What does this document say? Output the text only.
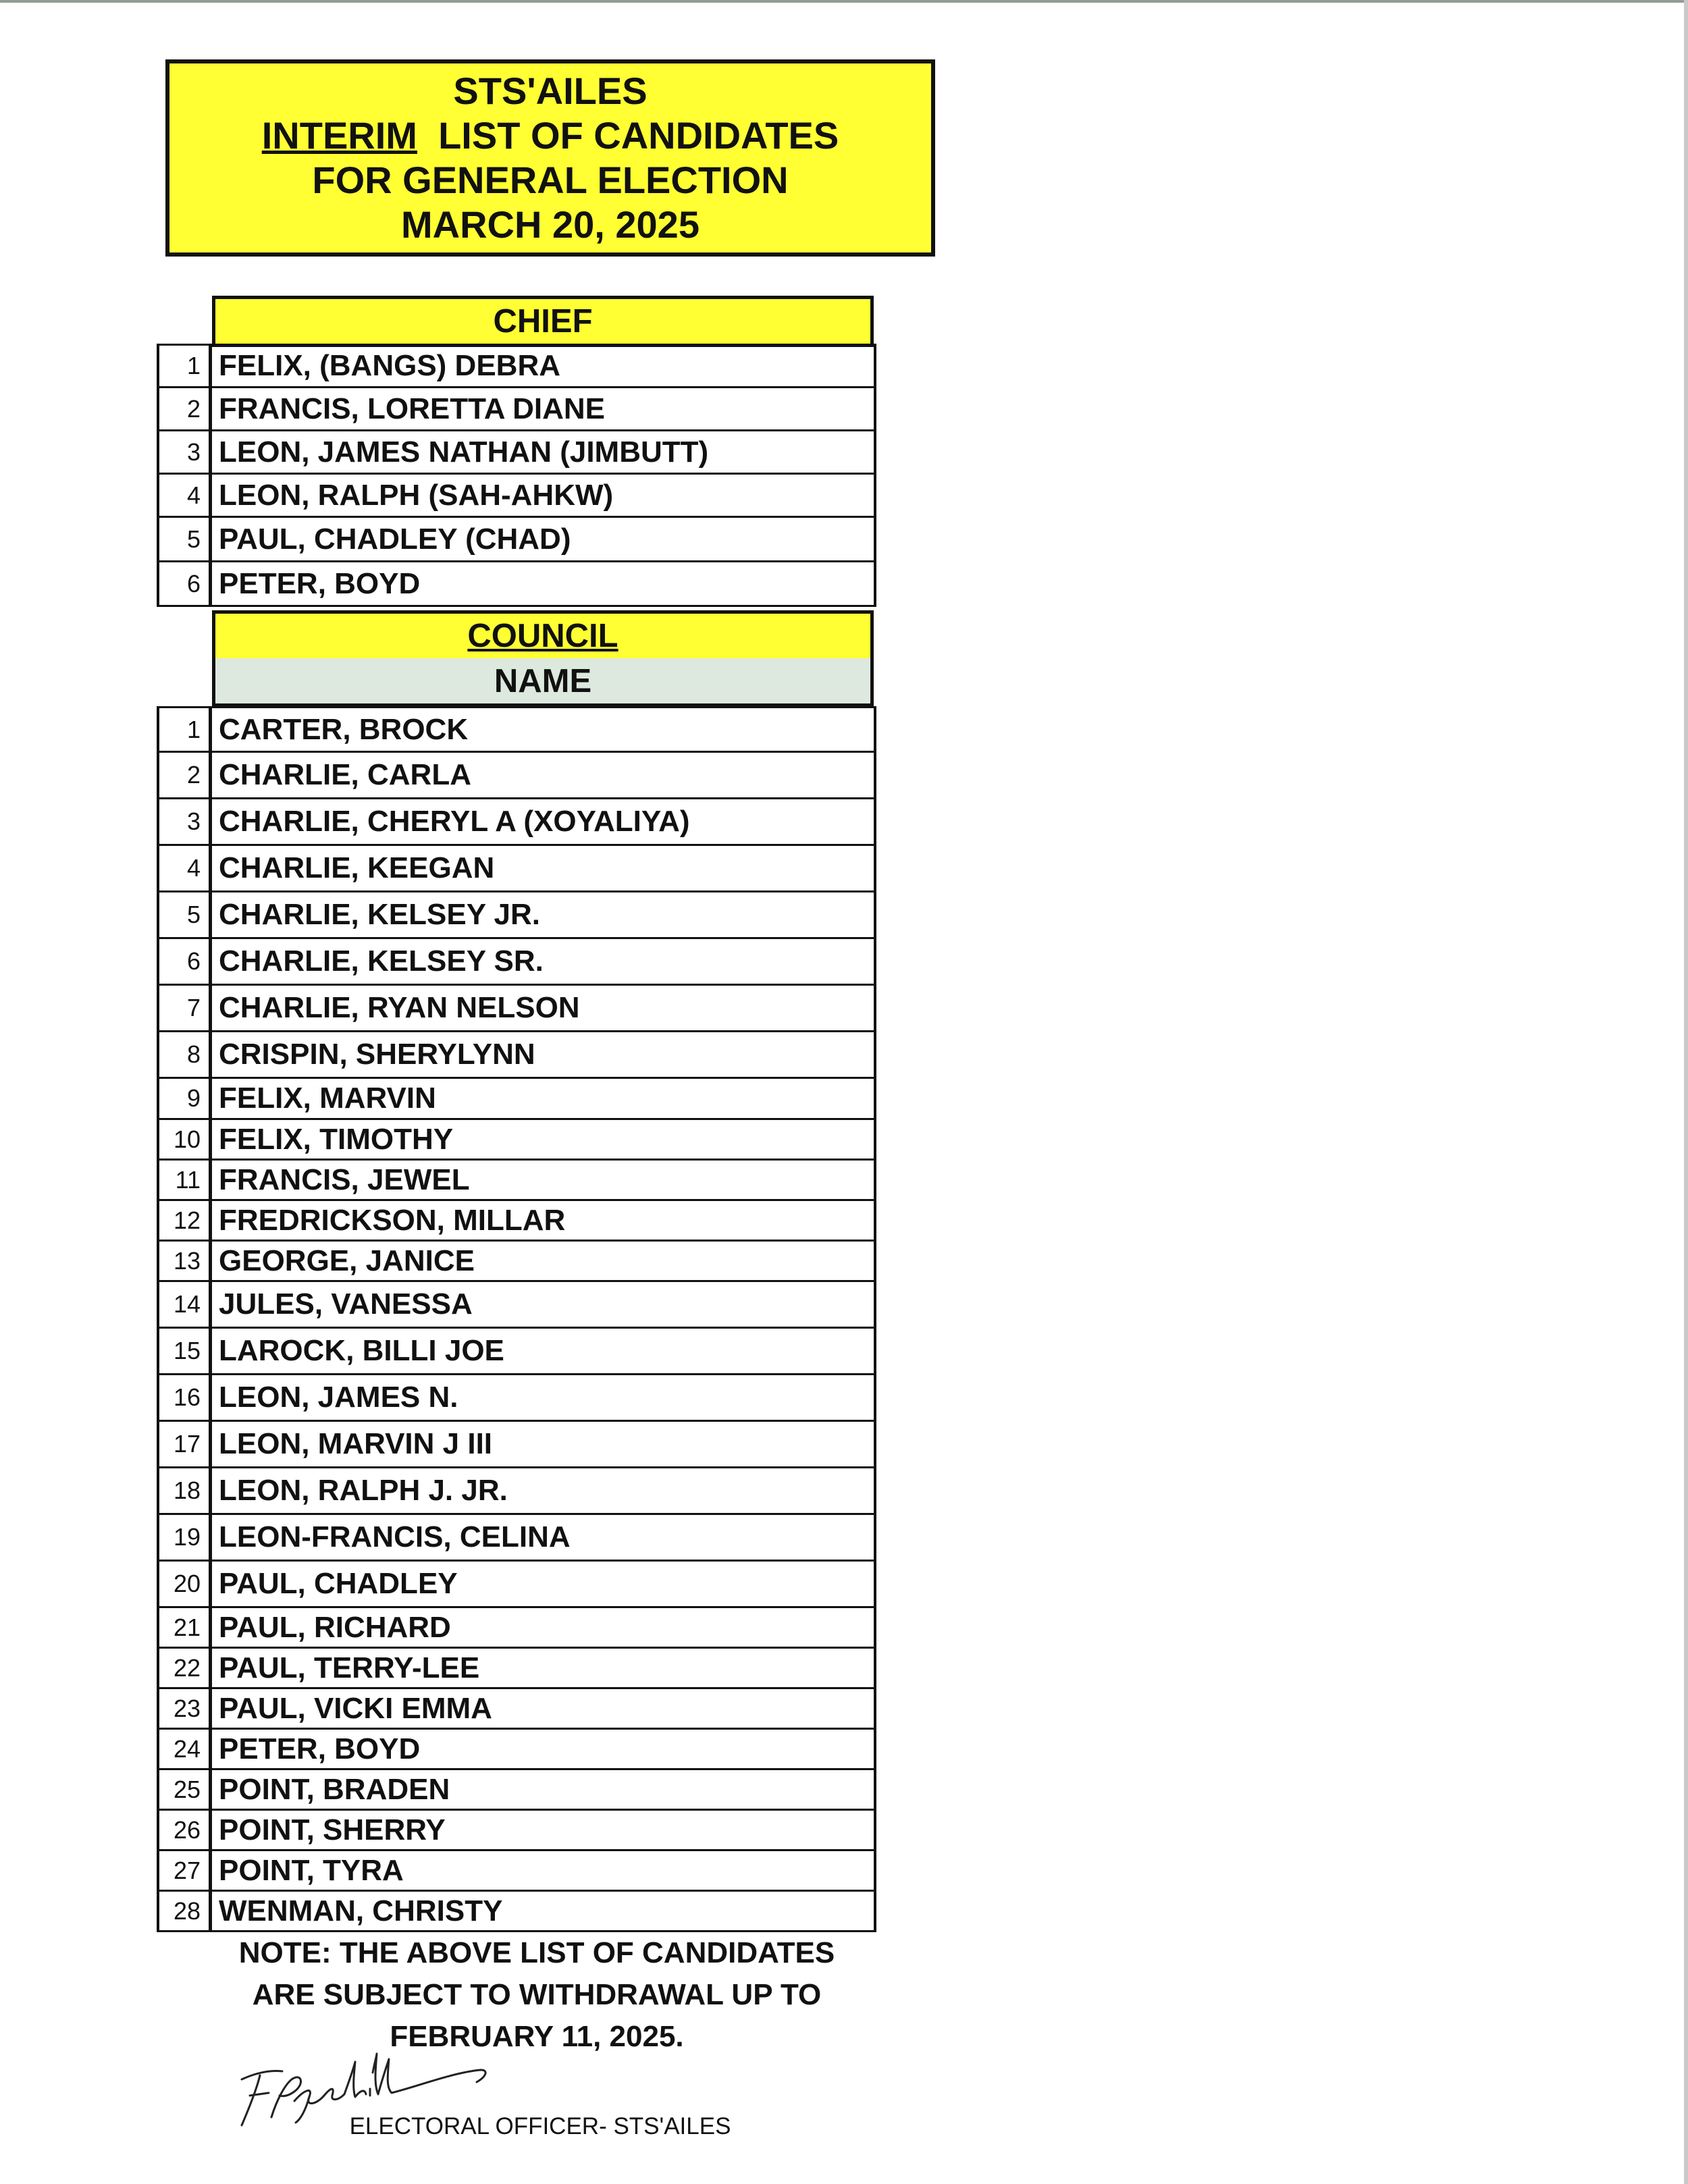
STS'AILES
INTERIM LIST OF CANDIDATES
FOR GENERAL ELECTION
MARCH 20, 2025
CHIEF
1 FELIX, (BANGS) DEBRA
2 FRANCIS, LORETTA DIANE
3 LEON, JAMES NATHAN (JIMBUTT)
4 LEON, RALPH (SAH-AHKW)
5 PAUL, CHADLEY (CHAD)
6 PETER, BOYD
COUNCIL
NAME
1 CARTER, BROCK
2 CHARLIE, CARLA
3 CHARLIE, CHERYL A (XOYALIYA)
4 CHARLIE, KEEGAN
5 CHARLIE, KELSEY JR.
6 CHARLIE, KELSEY SR.
7 CHARLIE, RYAN NELSON
8 CRISPIN, SHERYLYNN
9 FELIX, MARVIN
10 FELIX, TIMOTHY
11 FRANCIS, JEWEL
12 FREDRICKSON, MILLAR
13 GEORGE, JANICE
14 JULES, VANESSA
15 LAROCK, BILLI JOE
16 LEON, JAMES N.
17 LEON, MARVIN J III
18 LEON, RALPH J. JR.
19 LEON-FRANCIS, CELINA
20 PAUL, CHADLEY
21 PAUL, RICHARD
22 PAUL, TERRY-LEE
23 PAUL, VICKI EMMA
24 PETER, BOYD
25 POINT, BRADEN
26 POINT, SHERRY
27 POINT, TYRA
28 WENMAN, CHRISTY
NOTE: THE ABOVE LIST OF CANDIDATES
ARE SUBJECT TO WITHDRAWAL UP TO
FEBRUARY 11, 2025.
ELECTORAL OFFICER- STS'AILES
